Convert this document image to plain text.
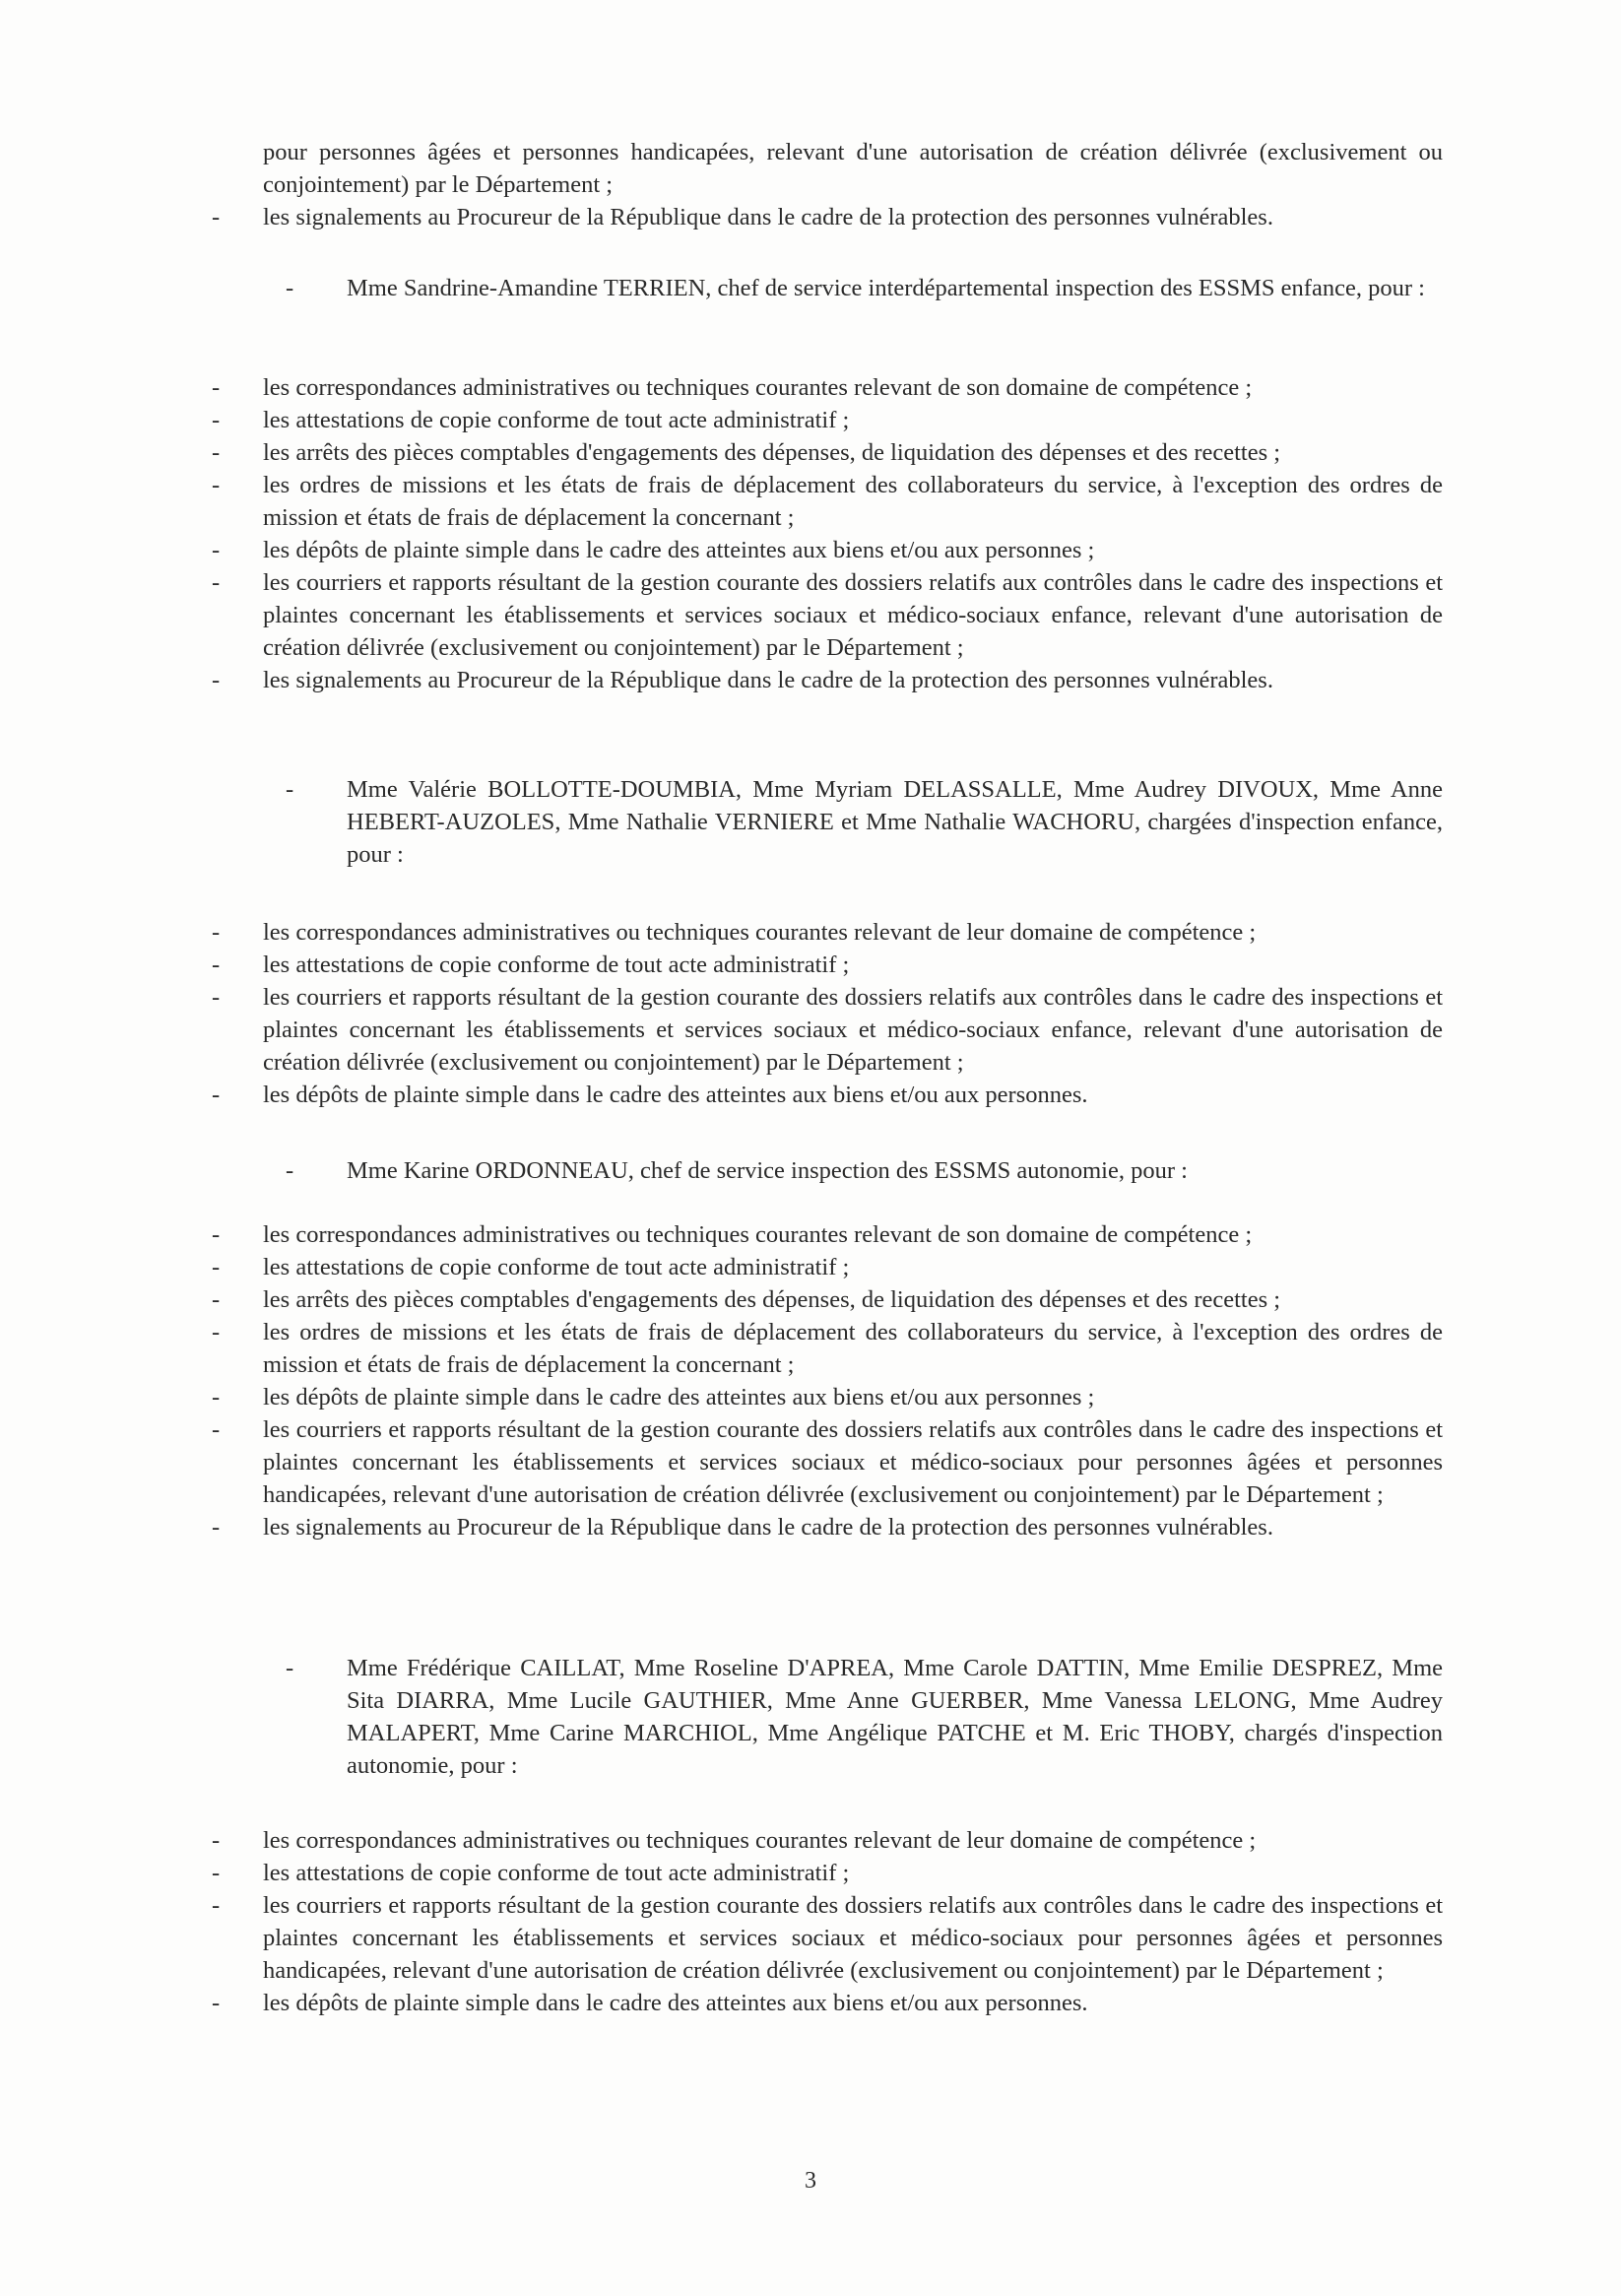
pour personnes âgées et personnes handicapées, relevant d'une autorisation de création délivrée (exclusivement ou conjointement) par le Département ;
- les signalements au Procureur de la République dans le cadre de la protection des personnes vulnérables.
- Mme Sandrine-Amandine TERRIEN, chef de service interdépartemental inspection des ESSMS enfance, pour :
- les correspondances administratives ou techniques courantes relevant de son domaine de compétence ;
- les attestations de copie conforme de tout acte administratif ;
- les arrêts des pièces comptables d'engagements des dépenses, de liquidation des dépenses et des recettes ;
- les ordres de missions et les états de frais de déplacement des collaborateurs du service, à l'exception des ordres de mission et états de frais de déplacement la concernant ;
- les dépôts de plainte simple dans le cadre des atteintes aux biens et/ou aux personnes ;
- les courriers et rapports résultant de la gestion courante des dossiers relatifs aux contrôles dans le cadre des inspections et plaintes concernant les établissements et services sociaux et médico-sociaux enfance, relevant d'une autorisation de création délivrée (exclusivement ou conjointement) par le Département ;
- les signalements au Procureur de la République dans le cadre de la protection des personnes vulnérables.
- Mme Valérie BOLLOTTE-DOUMBIA, Mme Myriam DELASSALLE, Mme Audrey DIVOUX, Mme Anne HEBERT-AUZOLES, Mme Nathalie VERNIERE et Mme Nathalie WACHORU, chargées d'inspection enfance, pour :
- les correspondances administratives ou techniques courantes relevant de leur domaine de compétence ;
- les attestations de copie conforme de tout acte administratif ;
- les courriers et rapports résultant de la gestion courante des dossiers relatifs aux contrôles dans le cadre des inspections et plaintes concernant les établissements et services sociaux et médico-sociaux enfance, relevant d'une autorisation de création délivrée (exclusivement ou conjointement) par le Département ;
- les dépôts de plainte simple dans le cadre des atteintes aux biens et/ou aux personnes.
- Mme Karine ORDONNEAU, chef de service inspection des ESSMS autonomie, pour :
- les correspondances administratives ou techniques courantes relevant de son domaine de compétence ;
- les attestations de copie conforme de tout acte administratif ;
- les arrêts des pièces comptables d'engagements des dépenses, de liquidation des dépenses et des recettes ;
- les ordres de missions et les états de frais de déplacement des collaborateurs du service, à l'exception des ordres de mission et états de frais de déplacement la concernant ;
- les dépôts de plainte simple dans le cadre des atteintes aux biens et/ou aux personnes ;
- les courriers et rapports résultant de la gestion courante des dossiers relatifs aux contrôles dans le cadre des inspections et plaintes concernant les établissements et services sociaux et médico-sociaux pour personnes âgées et personnes handicapées, relevant d'une autorisation de création délivrée (exclusivement ou conjointement) par le Département ;
- les signalements au Procureur de la République dans le cadre de la protection des personnes vulnérables.
- Mme Frédérique CAILLAT, Mme Roseline D'APREA, Mme Carole DATTIN, Mme Emilie DESPREZ, Mme Sita DIARRA, Mme Lucile GAUTHIER, Mme Anne GUERBER, Mme Vanessa LELONG, Mme Audrey MALAPERT, Mme Carine MARCHIOL, Mme Angélique PATCHE et M. Eric THOBY, chargés d'inspection autonomie, pour :
- les correspondances administratives ou techniques courantes relevant de leur domaine de compétence ;
- les attestations de copie conforme de tout acte administratif ;
- les courriers et rapports résultant de la gestion courante des dossiers relatifs aux contrôles dans le cadre des inspections et plaintes concernant les établissements et services sociaux et médico-sociaux pour personnes âgées et personnes handicapées, relevant d'une autorisation de création délivrée (exclusivement ou conjointement) par le Département ;
- les dépôts de plainte simple dans le cadre des atteintes aux biens et/ou aux personnes.
3
